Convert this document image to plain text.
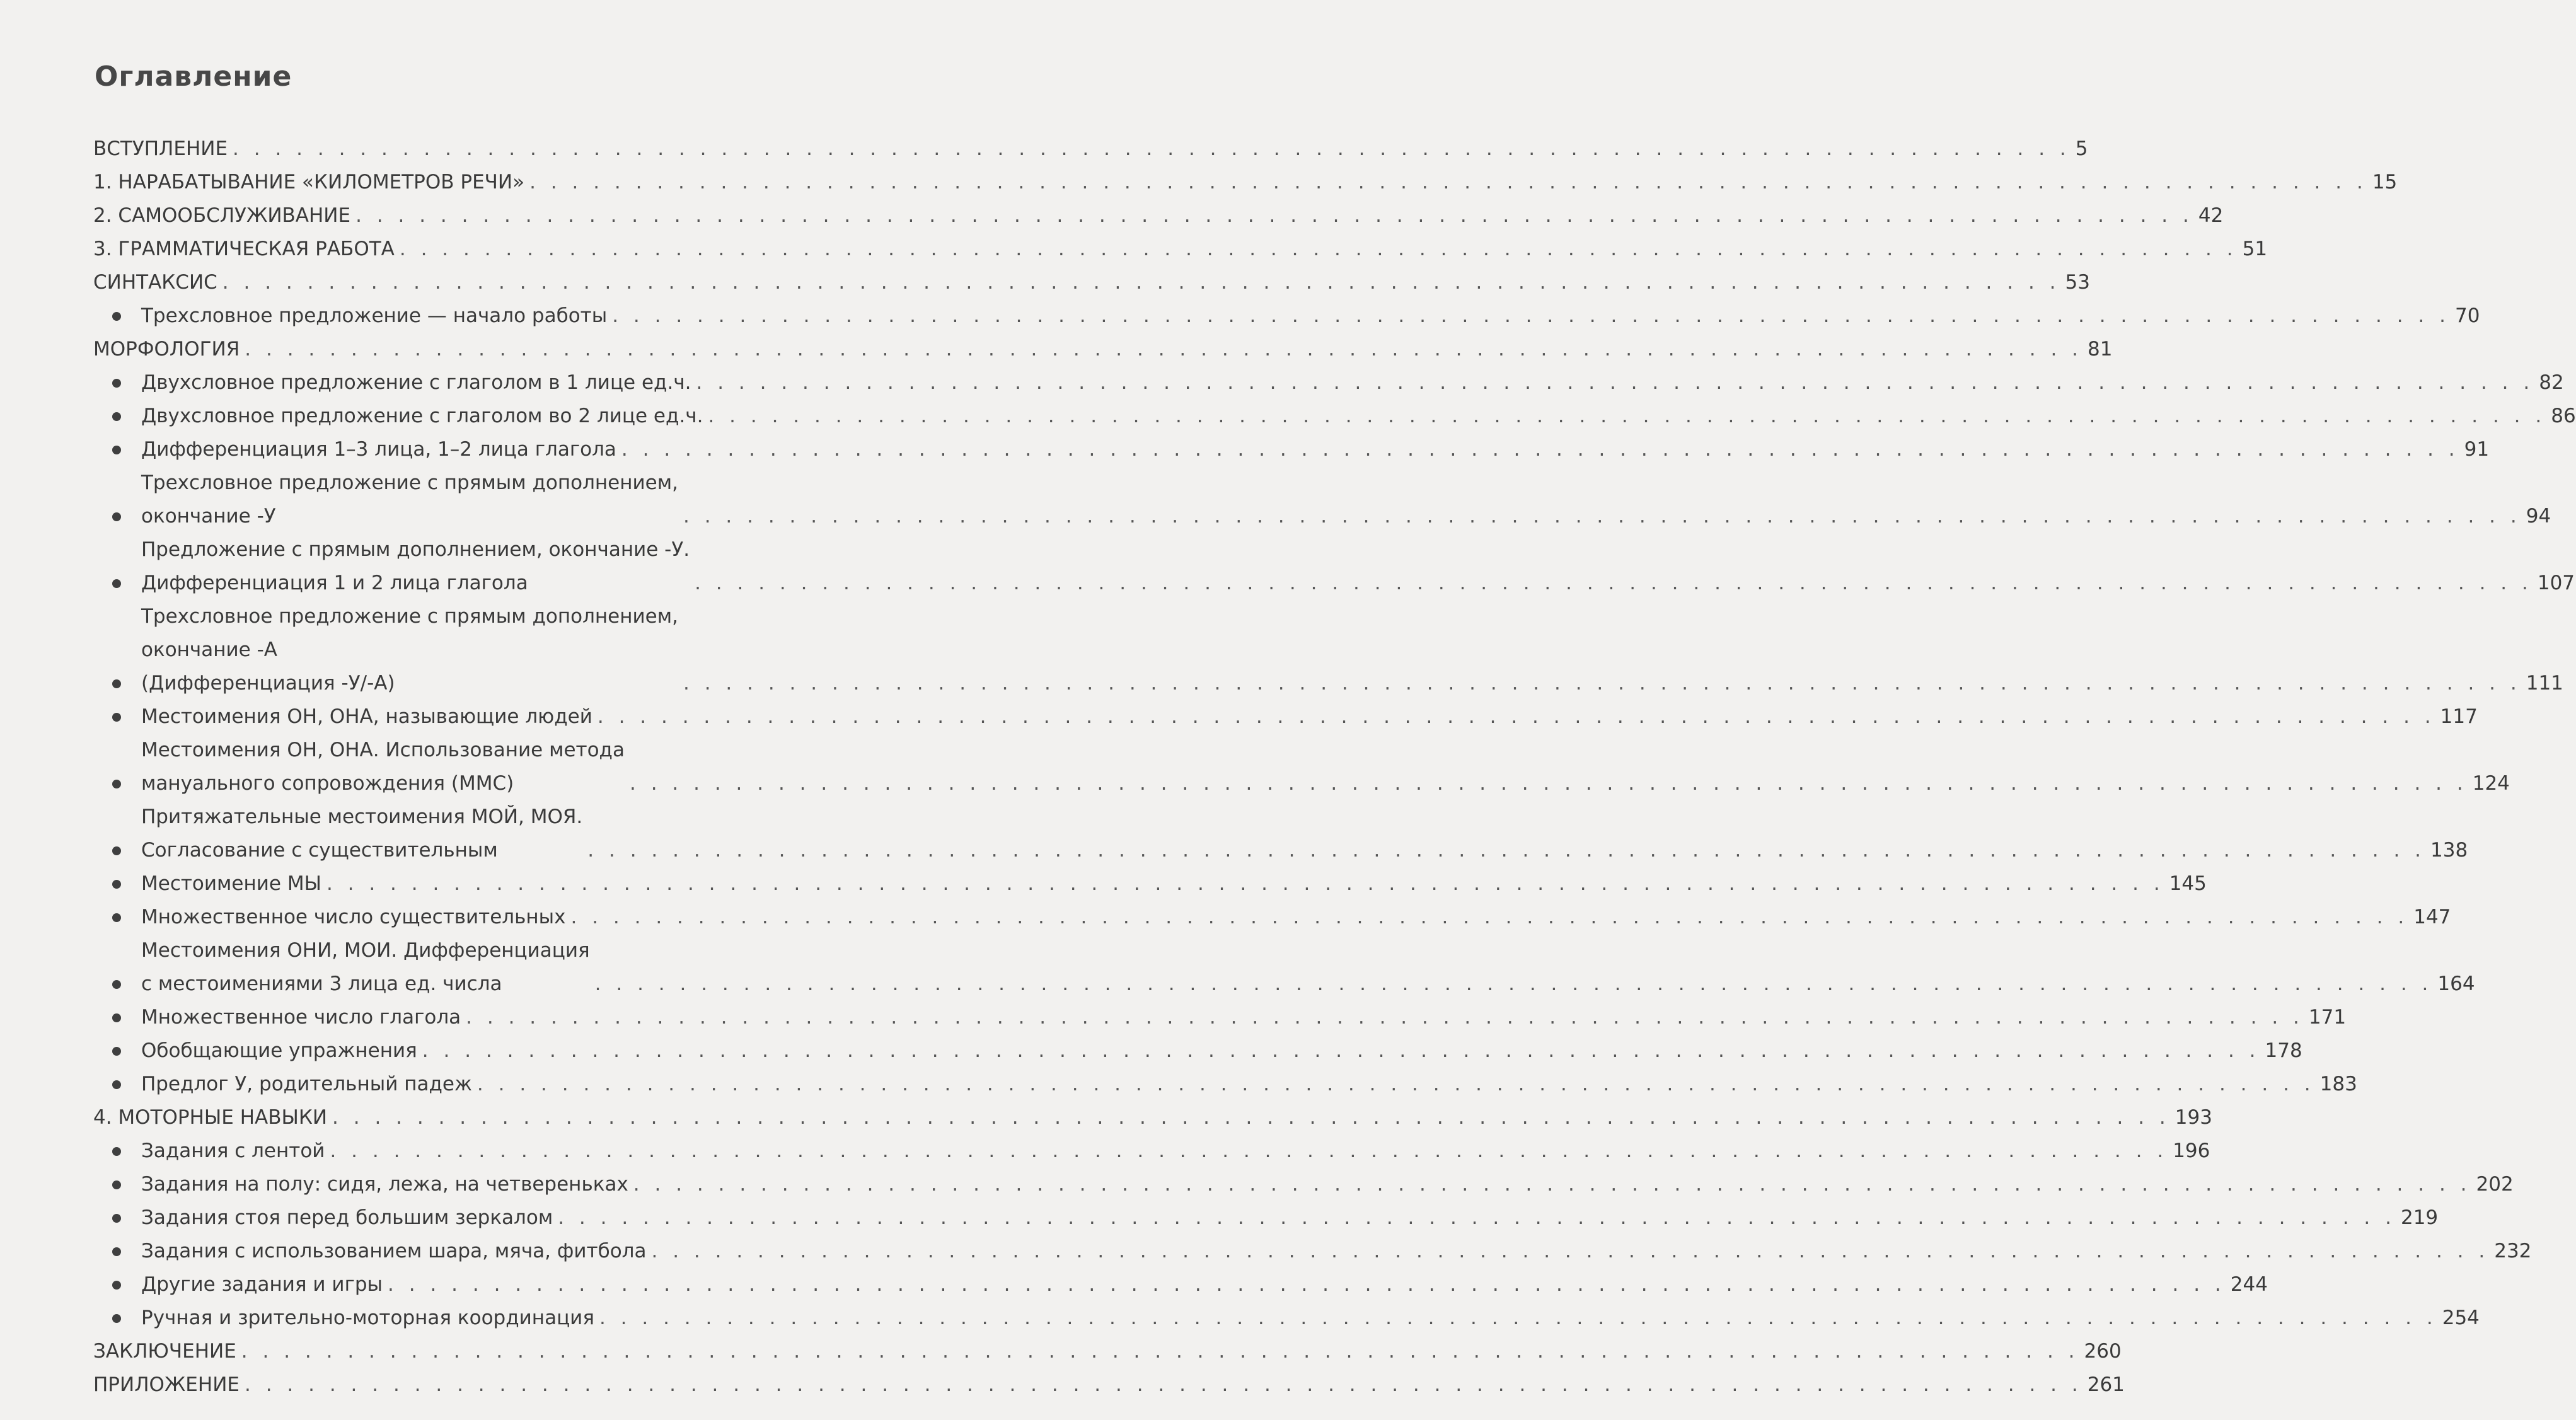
Оглавление
ВСТУПЛЕНИЕ . . . . . . . . . . . . . . . . . . . . . . . . . . . . . . . . . . . . . . . . . . . . . . . . . . . . . . . . . . . . . . . . . . . . . . . . . . . . . . . . . . . . . . . 5
1. НАРАБАТЫВАНИЕ «КИЛОМЕТРОВ РЕЧИ» . . . . . . . . . . . . . . . . . . . . . . . . . . . . . . . . . . . . . . . . . . . . . . . . . . . . . . . . . . . . . . . . . . . . . . . . . . . . . . . . . . . . . . . 15
2. САМООБСЛУЖИВАНИЕ . . . . . . . . . . . . . . . . . . . . . . . . . . . . . . . . . . . . . . . . . . . . . . . . . . . . . . . . . . . . . . . . . . . . . . . . . . . . . . . . . . . . . . . 42
3. ГРАММАТИЧЕСКАЯ РАБОТА . . . . . . . . . . . . . . . . . . . . . . . . . . . . . . . . . . . . . . . . . . . . . . . . . . . . . . . . . . . . . . . . . . . . . . . . . . . . . . . . . . . . . . . 51
СИНТАКСИС . . . . . . . . . . . . . . . . . . . . . . . . . . . . . . . . . . . . . . . . . . . . . . . . . . . . . . . . . . . . . . . . . . . . . . . . . . . . . . . . . . . . . . . 53
Трехсловное предложение — начало работы . . . . . . . . . . . . . . . . . . . . . . . . . . . . . . . . . . . . . . . . . . . . . . . . . . . . . . . . . . . . . . . . . . . . . . . . . . . . . . . . . . . . . . . 70
МОРФОЛОГИЯ . . . . . . . . . . . . . . . . . . . . . . . . . . . . . . . . . . . . . . . . . . . . . . . . . . . . . . . . . . . . . . . . . . . . . . . . . . . . . . . . . . . . . . . 81
Двухсловное предложение с глаголом в 1 лице ед.ч. . . . . . . . . . . . . . . . . . . . . . . . . . . . . . . . . . . . . . . . . . . . . . . . . . . . . . . . . . . . . . . . . . . . . . . . . . . . . . . . . . . . . . . . 82
Двухсловное предложение с глаголом во 2 лице ед.ч. . . . . . . . . . . . . . . . . . . . . . . . . . . . . . . . . . . . . . . . . . . . . . . . . . . . . . . . . . . . . . . . . . . . . . . . . . . . . . . . . . . . . . . . 86
Дифференциация 1–3 лица, 1–2 лица глагола . . . . . . . . . . . . . . . . . . . . . . . . . . . . . . . . . . . . . . . . . . . . . . . . . . . . . . . . . . . . . . . . . . . . . . . . . . . . . . . . . . . . . . . 91
Трехсловное предложение с прямым дополнением,
окончание -У	. . . . . . . . . . . . . . . . . . . . . . . . . . . . . . . . . . . . . . . . . . . . . . . . . . . . . . . . . . . . . . . . . . . . . . . . . . . . . . . . . . . . . . . 94
Предложение с прямым дополнением, окончание -У.
Дифференциация 1 и 2 лица глагола	. . . . . . . . . . . . . . . . . . . . . . . . . . . . . . . . . . . . . . . . . . . . . . . . . . . . . . . . . . . . . . . . . . . . . . . . . . . . . . . . . . . . . . . 107
Трехсловное предложение с прямым дополнением,
окончание -А
(Дифференциация -У/-А)	. . . . . . . . . . . . . . . . . . . . . . . . . . . . . . . . . . . . . . . . . . . . . . . . . . . . . . . . . . . . . . . . . . . . . . . . . . . . . . . . . . . . . . . 111
Местоимения ОН, ОНА, называющие людей . . . . . . . . . . . . . . . . . . . . . . . . . . . . . . . . . . . . . . . . . . . . . . . . . . . . . . . . . . . . . . . . . . . . . . . . . . . . . . . . . . . . . . . 117
Местоимения ОН, ОНА. Использование метода
мануального сопровождения (ММС)	. . . . . . . . . . . . . . . . . . . . . . . . . . . . . . . . . . . . . . . . . . . . . . . . . . . . . . . . . . . . . . . . . . . . . . . . . . . . . . . . . . . . . . . 124
Притяжательные местоимения МОЙ, МОЯ.
Согласование с существительным	. . . . . . . . . . . . . . . . . . . . . . . . . . . . . . . . . . . . . . . . . . . . . . . . . . . . . . . . . . . . . . . . . . . . . . . . . . . . . . . . . . . . . . . 138
Местоимение МЫ . . . . . . . . . . . . . . . . . . . . . . . . . . . . . . . . . . . . . . . . . . . . . . . . . . . . . . . . . . . . . . . . . . . . . . . . . . . . . . . . . . . . . . . 145
Множественное число существительных . . . . . . . . . . . . . . . . . . . . . . . . . . . . . . . . . . . . . . . . . . . . . . . . . . . . . . . . . . . . . . . . . . . . . . . . . . . . . . . . . . . . . . . 147
Местоимения ОНИ, МОИ. Дифференциация
с местоимениями 3 лица ед. числа	. . . . . . . . . . . . . . . . . . . . . . . . . . . . . . . . . . . . . . . . . . . . . . . . . . . . . . . . . . . . . . . . . . . . . . . . . . . . . . . . . . . . . . . 164
Множественное число глагола . . . . . . . . . . . . . . . . . . . . . . . . . . . . . . . . . . . . . . . . . . . . . . . . . . . . . . . . . . . . . . . . . . . . . . . . . . . . . . . . . . . . . . . 171
Обобщающие упражнения . . . . . . . . . . . . . . . . . . . . . . . . . . . . . . . . . . . . . . . . . . . . . . . . . . . . . . . . . . . . . . . . . . . . . . . . . . . . . . . . . . . . . . . 178
Предлог У, родительный падеж . . . . . . . . . . . . . . . . . . . . . . . . . . . . . . . . . . . . . . . . . . . . . . . . . . . . . . . . . . . . . . . . . . . . . . . . . . . . . . . . . . . . . . . 183
4. МОТОРНЫЕ НАВЫКИ . . . . . . . . . . . . . . . . . . . . . . . . . . . . . . . . . . . . . . . . . . . . . . . . . . . . . . . . . . . . . . . . . . . . . . . . . . . . . . . . . . . . . . . 193
Задания с лентой . . . . . . . . . . . . . . . . . . . . . . . . . . . . . . . . . . . . . . . . . . . . . . . . . . . . . . . . . . . . . . . . . . . . . . . . . . . . . . . . . . . . . . . 196
Задания на полу: сидя, лежа, на четвереньках . . . . . . . . . . . . . . . . . . . . . . . . . . . . . . . . . . . . . . . . . . . . . . . . . . . . . . . . . . . . . . . . . . . . . . . . . . . . . . . . . . . . . . . 202
Задания стоя перед большим зеркалом . . . . . . . . . . . . . . . . . . . . . . . . . . . . . . . . . . . . . . . . . . . . . . . . . . . . . . . . . . . . . . . . . . . . . . . . . . . . . . . . . . . . . . . 219
Задания с использованием шара, мяча, фитбола . . . . . . . . . . . . . . . . . . . . . . . . . . . . . . . . . . . . . . . . . . . . . . . . . . . . . . . . . . . . . . . . . . . . . . . . . . . . . . . . . . . . . . . 232
Другие задания и игры . . . . . . . . . . . . . . . . . . . . . . . . . . . . . . . . . . . . . . . . . . . . . . . . . . . . . . . . . . . . . . . . . . . . . . . . . . . . . . . . . . . . . . . 244
Ручная и зрительно-моторная координация . . . . . . . . . . . . . . . . . . . . . . . . . . . . . . . . . . . . . . . . . . . . . . . . . . . . . . . . . . . . . . . . . . . . . . . . . . . . . . . . . . . . . . . 254
ЗАКЛЮЧЕНИЕ . . . . . . . . . . . . . . . . . . . . . . . . . . . . . . . . . . . . . . . . . . . . . . . . . . . . . . . . . . . . . . . . . . . . . . . . . . . . . . . . . . . . . . . 260
ПРИЛОЖЕНИЕ . . . . . . . . . . . . . . . . . . . . . . . . . . . . . . . . . . . . . . . . . . . . . . . . . . . . . . . . . . . . . . . . . . . . . . . . . . . . . . . . . . . . . . . 261
